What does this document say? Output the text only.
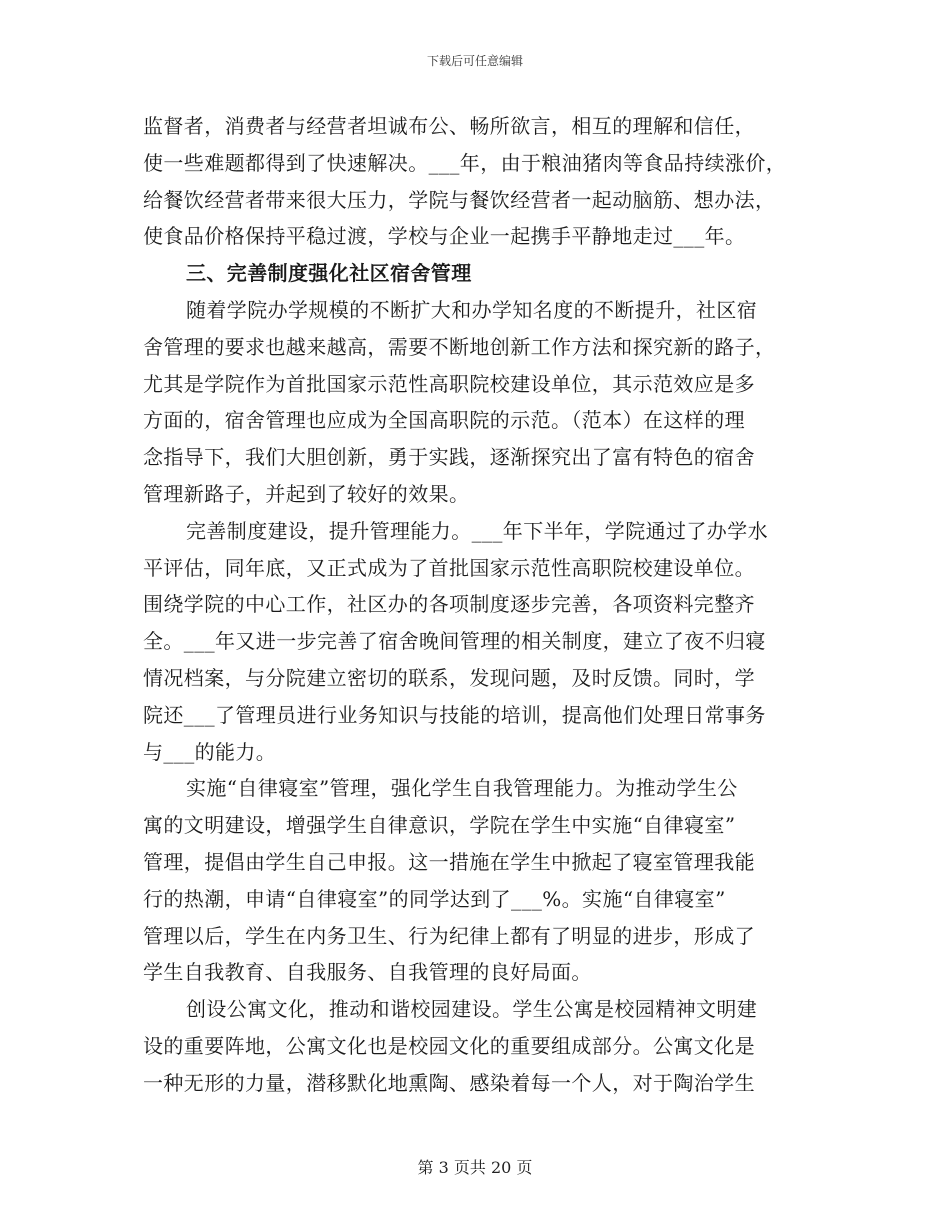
下载后可任意编辑
监督者，消费者与经营者坦诚布公、畅所欲言，相互的理解和信任，
使一些难题都得到了快速解决。___年，由于粮油猪肉等食品持续涨价，
给餐饮经营者带来很大压力，学院与餐饮经营者一起动脑筋、想办法，
使食品价格保持平稳过渡，学校与企业一起携手平静地走过___年。
三、完善制度强化社区宿舍管理
随着学院办学规模的不断扩大和办学知名度的不断提升，社区宿
舍管理的要求也越来越高，需要不断地创新工作方法和探究新的路子，
尤其是学院作为首批国家示范性高职院校建设单位，其示范效应是多
方面的，宿舍管理也应成为全国高职院的示范。（范本）在这样的理
念指导下，我们大胆创新，勇于实践，逐渐探究出了富有特色的宿舍
管理新路子，并起到了较好的效果。
完善制度建设，提升管理能力。___年下半年，学院通过了办学水
平评估，同年底，又正式成为了首批国家示范性高职院校建设单位。
围绕学院的中心工作，社区办的各项制度逐步完善，各项资料完整齐
全。___年又进一步完善了宿舍晚间管理的相关制度，建立了夜不归寝
情况档案，与分院建立密切的联系，发现问题，及时反馈。同时，学
院还___了管理员进行业务知识与技能的培训，提高他们处理日常事务
与___的能力。
实施“自律寝室”管理，强化学生自我管理能力。为推动学生公
寓的文明建设，增强学生自律意识，学院在学生中实施“自律寝室”
管理，提倡由学生自己申报。这一措施在学生中掀起了寝室管理我能
行的热潮，申请“自律寝室”的同学达到了___%。实施“自律寝室”
管理以后，学生在内务卫生、行为纪律上都有了明显的进步，形成了
学生自我教育、自我服务、自我管理的良好局面。
创设公寓文化，推动和谐校园建设。学生公寓是校园精神文明建
设的重要阵地，公寓文化也是校园文化的重要组成部分。公寓文化是
一种无形的力量，潜移默化地熏陶、感染着每一个人，对于陶治学生
第 3 页共 20 页
